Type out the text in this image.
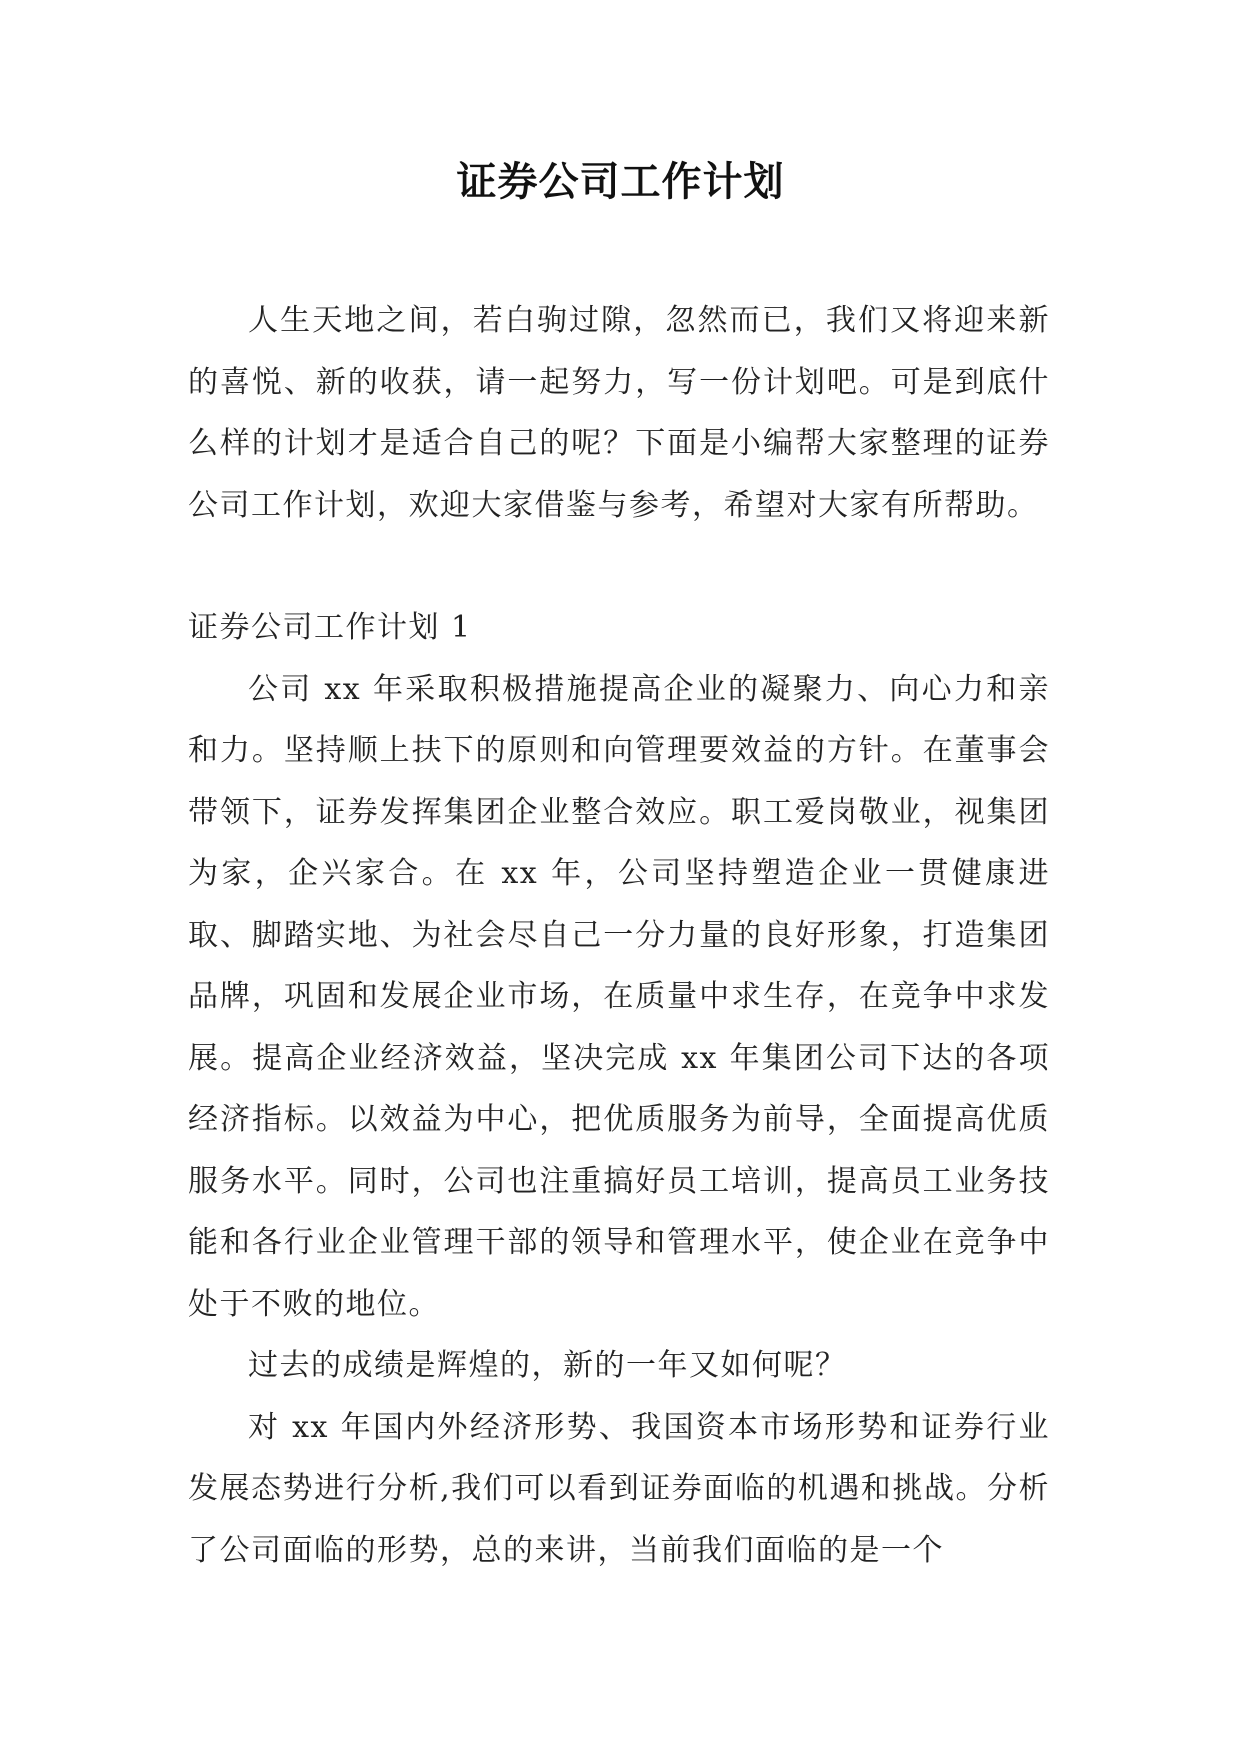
证券公司工作计划

人生天地之间，若白驹过隙，忽然而已，我们又将迎来新的喜悦、新的收获，请一起努力，写一份计划吧。可是到底什么样的计划才是适合自己的呢？下面是小编帮大家整理的证券公司工作计划，欢迎大家借鉴与参考，希望对大家有所帮助。

证券公司工作计划 1

公司 xx 年采取积极措施提高企业的凝聚力、向心力和亲和力。坚持顺上扶下的原则和向管理要效益的方针。在董事会带领下，证券发挥集团企业整合效应。职工爱岗敬业，视集团为家，企兴家合。在 xx 年，公司坚持塑造企业一贯健康进取、脚踏实地、为社会尽自己一分力量的良好形象，打造集团品牌，巩固和发展企业市场，在质量中求生存，在竞争中求发展。提高企业经济效益，坚决完成 xx 年集团公司下达的各项经济指标。以效益为中心，把优质服务为前导，全面提高优质服务水平。同时，公司也注重搞好员工培训，提高员工业务技能和各行业企业管理干部的领导和管理水平，使企业在竞争中处于不败的地位。

过去的成绩是辉煌的，新的一年又如何呢？

对 xx 年国内外经济形势、我国资本市场形势和证券行业发展态势进行分析,我们可以看到证券面临的机遇和挑战。分析了公司面临的形势，总的来讲，当前我们面临的是一个
